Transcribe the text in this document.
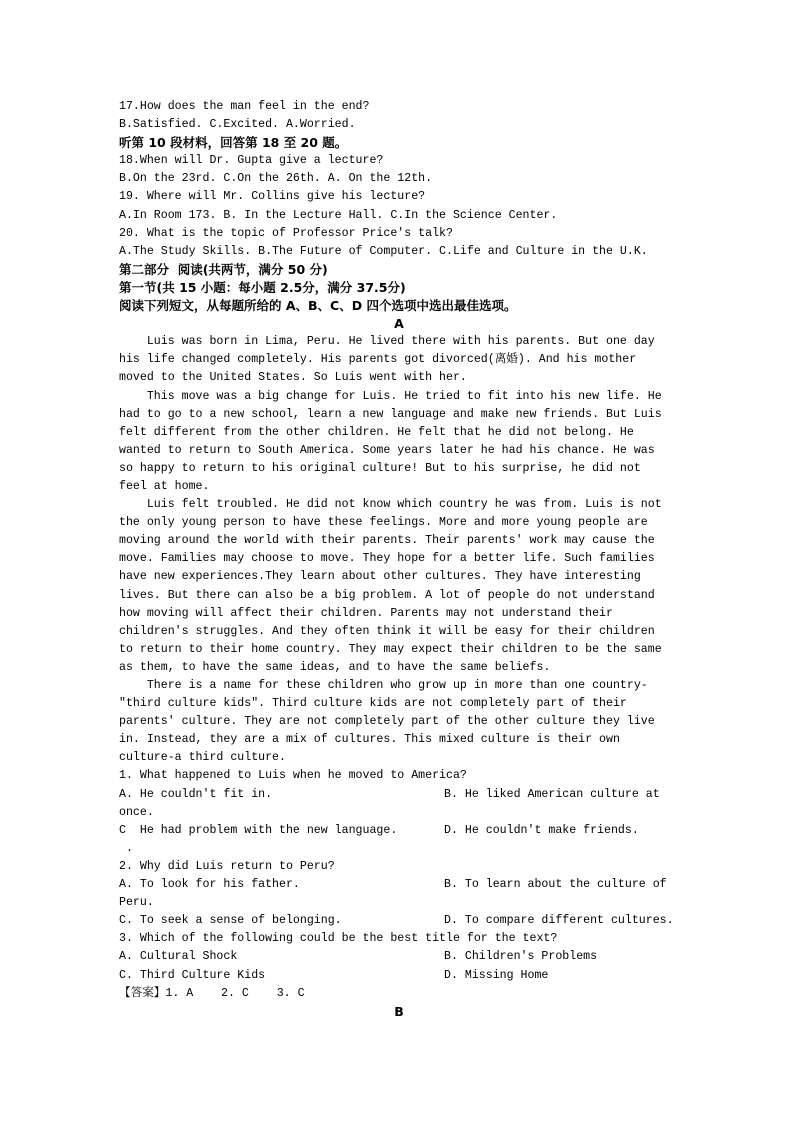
17.How does the man feel in the end?
B.Satisfied. C.Excited. A.Worried.
听第 10 段材料，回答第 18 至 20 题。
18.When will Dr. Gupta give a lecture?
B.On the 23rd. C.On the 26th. A. On the 12th.
19. Where will Mr. Collins give his lecture?
A.In Room 173. B. In the Lecture Hall. C.In the Science Center.
20. What is the topic of Professor Price's talk?
A.The Study Skills. B.The Future of Computer. C.Life and Culture in the U.K.
第二部分  阅读(共两节，满分 50 分)
第一节(共 15 小题：每小题 2.5分，满分 37.5分)
阅读下列短文，从每题所给的 A、B、C、D 四个选项中选出最佳选项。
A
Luis was born in Lima, Peru. He lived there with his parents. But one day
his life changed completely. His parents got divorced(离婚). And his mother
moved to the United States. So Luis went with her.
This move was a big change for Luis. He tried to fit into his new life. He
had to go to a new school, learn a new language and make new friends. But Luis
felt different from the other children. He felt that he did not belong. He
wanted to return to South America. Some years later he had his chance. He was
so happy to return to his original culture! But to his surprise, he did not
feel at home.
Luis felt troubled. He did not know which country he was from. Luis is not
the only young person to have these feelings. More and more young people are
moving around the world with their parents. Their parents' work may cause the
move. Families may choose to move. They hope for a better life. Such families
have new experiences.They learn about other cultures. They have interesting
lives. But there can also be a big problem. A lot of people do not understand
how moving will affect their children. Parents may not understand their
children's struggles. And they often think it will be easy for their children
to return to their home country. They may expect their children to be the same
as them, to have the same ideas, and to have the same beliefs.
There is a name for these children who grow up in more than one country-
"third culture kids". Third culture kids are not completely part of their
parents' culture. They are not completely part of the other culture they live
in. Instead, they are a mix of cultures. This mixed culture is their own
culture-a third culture.
1. What happened to Luis when he moved to America?
A. He couldn't fit in.	B. He liked American culture at
once.
C  He had problem with the new language.	D. He couldn't make friends.
.
2. Why did Luis return to Peru?
A. To look for his father.	B. To learn about the culture of
Peru.
C. To seek a sense of belonging.	D. To compare different cultures.
3. Which of the following could be the best title for the text?
A. Cultural Shock	B. Children's Problems
C. Third Culture Kids	D. Missing Home
【答案】1. A    2. C    3. C
B
